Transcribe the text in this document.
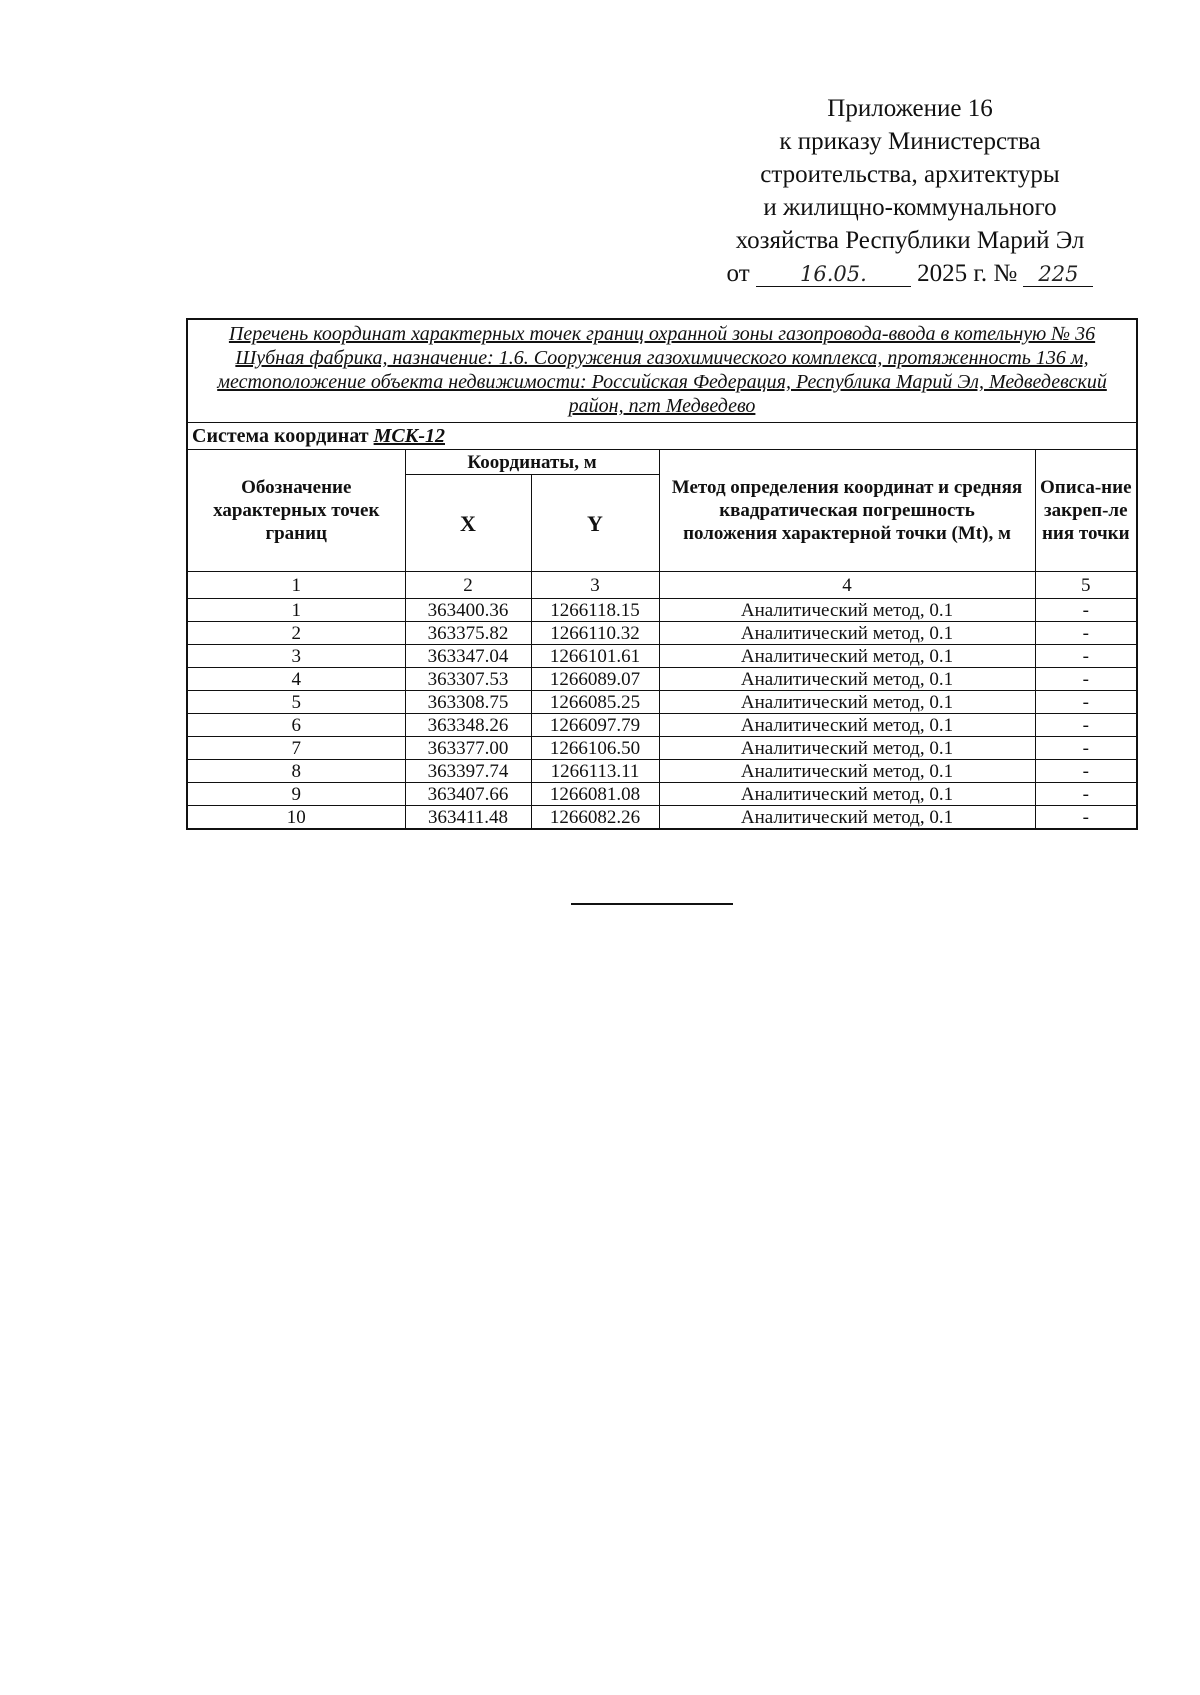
Приложение 16
к приказу Министерства
строительства, архитектуры
и жилищно-коммунального
хозяйства Республики Марий Эл
от 16.05. 2025 г. № 225
Перечень координат характерных точек границ охранной зоны газопровода-ввода в котельную № 36 Шубная фабрика, назначение: 1.6. Сооружения газохимического комплекса, протяженность 136 м, местоположение объекта недвижимости: Российская Федерация, Республика Марий Эл, Медведевский район, пгт Медведево				
Система координат МСК-12				
Обозначение характерных точек границ	Координаты, м		Метод определения координат и средняя квадратическая погрешность положения характерной точки (Mt), м	Описа-ние закреп-ления точки
	X	Y		
1	2	3	4	5
1	363400.36	1266118.15	Аналитический метод, 0.1	-
2	363375.82	1266110.32	Аналитический метод, 0.1	-
3	363347.04	1266101.61	Аналитический метод, 0.1	-
4	363307.53	1266089.07	Аналитический метод, 0.1	-
5	363308.75	1266085.25	Аналитический метод, 0.1	-
6	363348.26	1266097.79	Аналитический метод, 0.1	-
7	363377.00	1266106.50	Аналитический метод, 0.1	-
8	363397.74	1266113.11	Аналитический метод, 0.1	-
9	363407.66	1266081.08	Аналитический метод, 0.1	-
10	363411.48	1266082.26	Аналитический метод, 0.1	-
